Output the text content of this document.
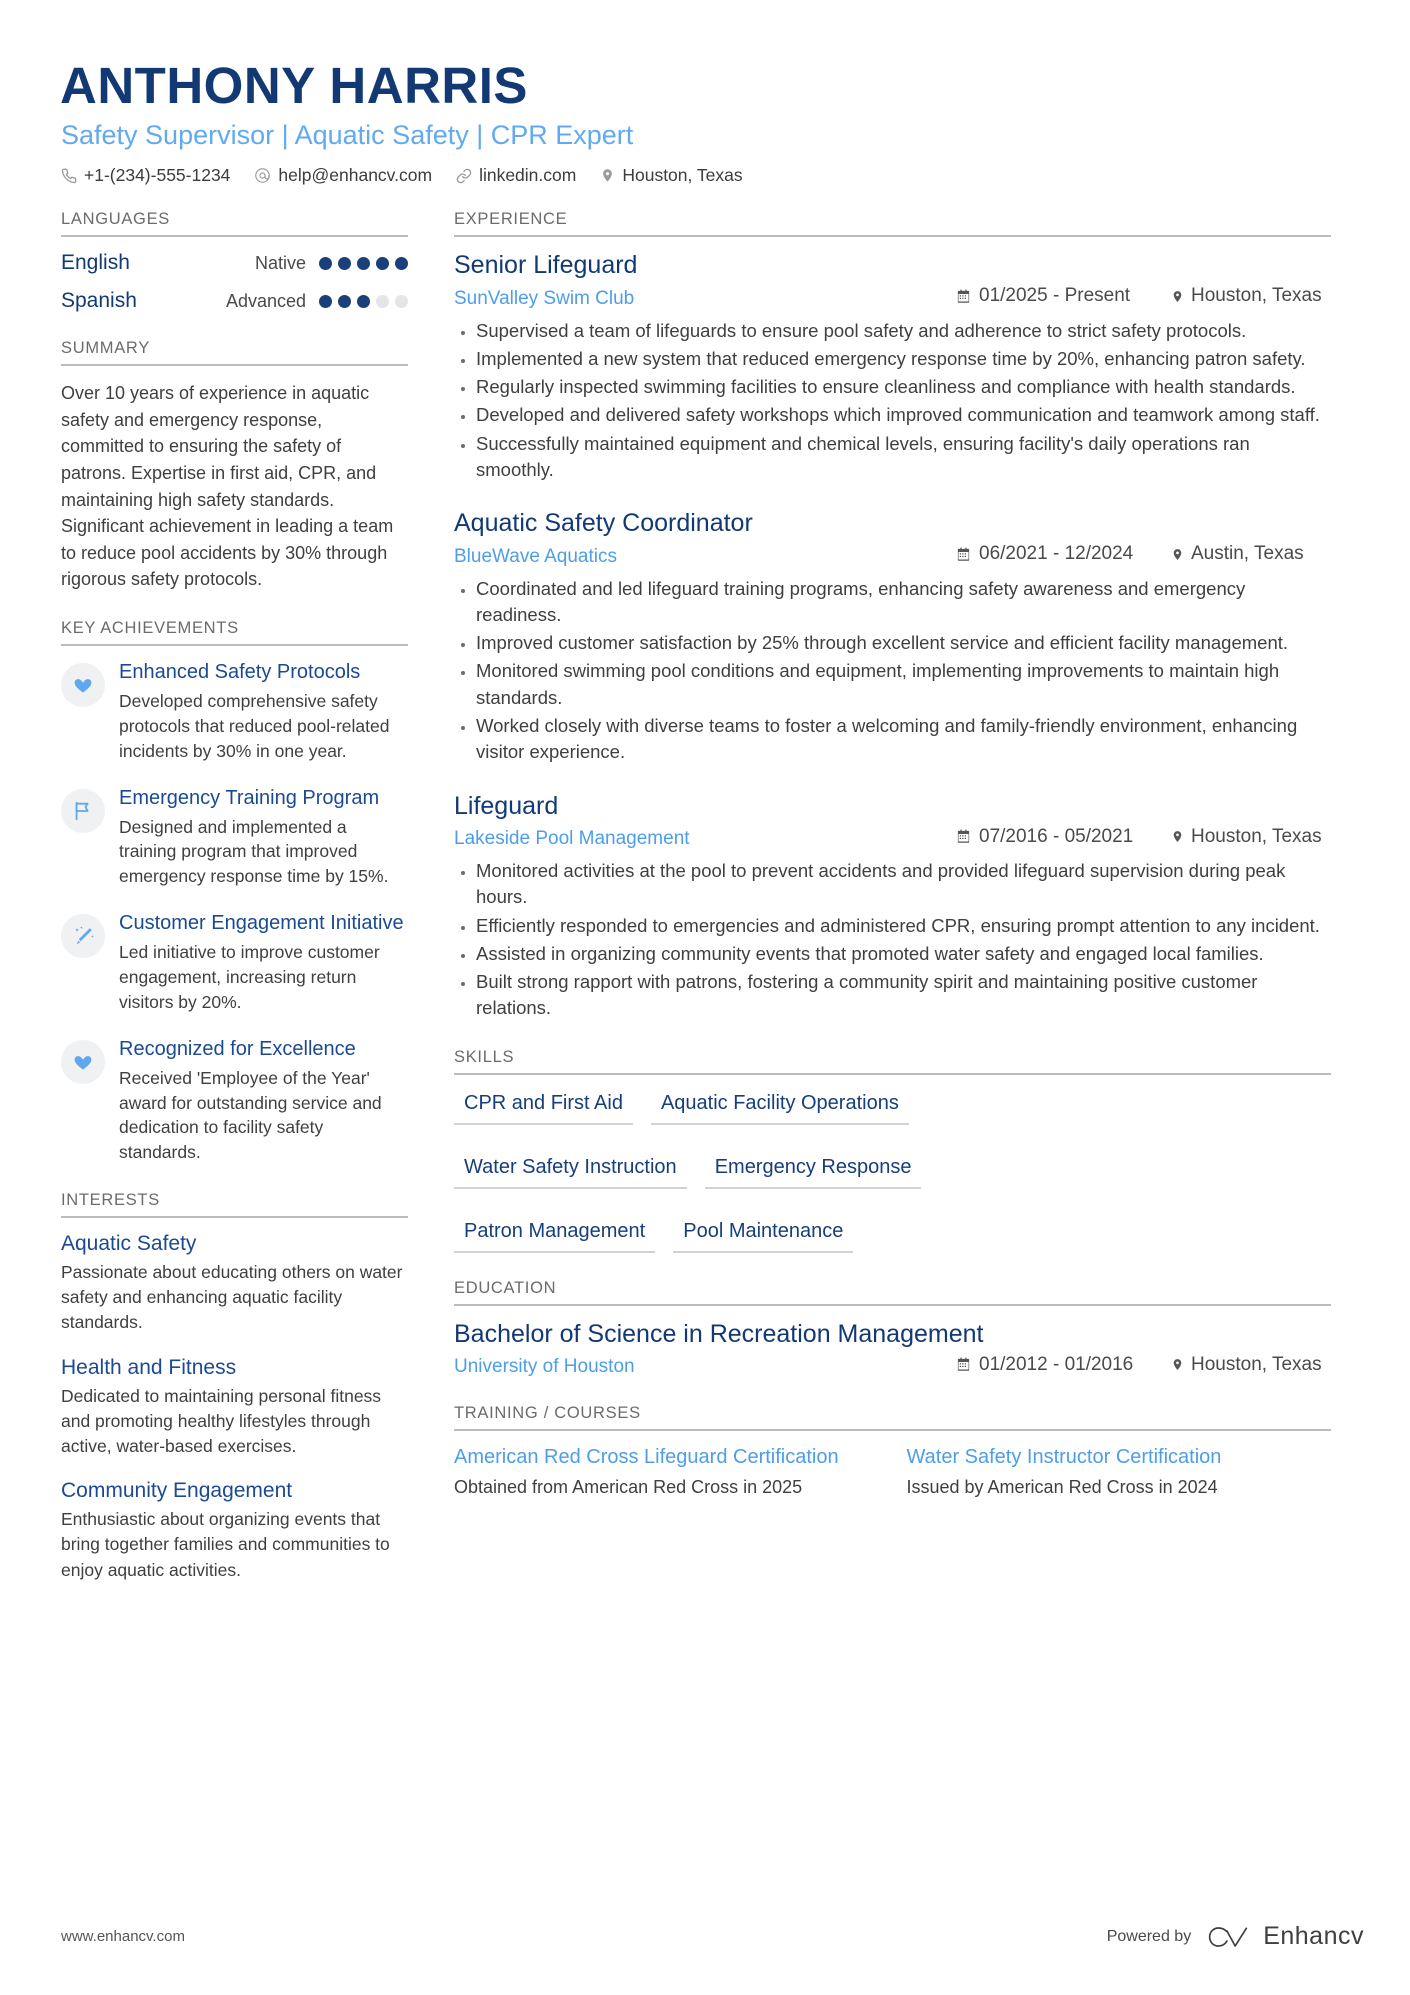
ANTHONY HARRIS
Safety Supervisor | Aquatic Safety | CPR Expert
+1-(234)-555-1234	help@enhancv.com	linkedin.com	Houston, Texas
LANGUAGES
English	Native
Spanish	Advanced
SUMMARY
Over 10 years of experience in aquatic safety and emergency response, committed to ensuring the safety of patrons. Expertise in first aid, CPR, and maintaining high safety standards. Significant achievement in leading a team to reduce pool accidents by 30% through rigorous safety protocols.
KEY ACHIEVEMENTS
Enhanced Safety Protocols
Developed comprehensive safety protocols that reduced pool-related incidents by 30% in one year.
Emergency Training Program
Designed and implemented a training program that improved emergency response time by 15%.
Customer Engagement Initiative
Led initiative to improve customer engagement, increasing return visitors by 20%.
Recognized for Excellence
Received 'Employee of the Year' award for outstanding service and dedication to facility safety standards.
INTERESTS
Aquatic Safety
Passionate about educating others on water safety and enhancing aquatic facility standards.
Health and Fitness
Dedicated to maintaining personal fitness and promoting healthy lifestyles through active, water-based exercises.
Community Engagement
Enthusiastic about organizing events that bring together families and communities to enjoy aquatic activities.
EXPERIENCE
Senior Lifeguard
SunValley Swim Club	01/2025 - Present	Houston, Texas
• Supervised a team of lifeguards to ensure pool safety and adherence to strict safety protocols.
• Implemented a new system that reduced emergency response time by 20%, enhancing patron safety.
• Regularly inspected swimming facilities to ensure cleanliness and compliance with health standards.
• Developed and delivered safety workshops which improved communication and teamwork among staff.
• Successfully maintained equipment and chemical levels, ensuring facility's daily operations ran smoothly.
Aquatic Safety Coordinator
BlueWave Aquatics	06/2021 - 12/2024	Austin, Texas
• Coordinated and led lifeguard training programs, enhancing safety awareness and emergency readiness.
• Improved customer satisfaction by 25% through excellent service and efficient facility management.
• Monitored swimming pool conditions and equipment, implementing improvements to maintain high standards.
• Worked closely with diverse teams to foster a welcoming and family-friendly environment, enhancing visitor experience.
Lifeguard
Lakeside Pool Management	07/2016 - 05/2021	Houston, Texas
• Monitored activities at the pool to prevent accidents and provided lifeguard supervision during peak hours.
• Efficiently responded to emergencies and administered CPR, ensuring prompt attention to any incident.
• Assisted in organizing community events that promoted water safety and engaged local families.
• Built strong rapport with patrons, fostering a community spirit and maintaining positive customer relations.
SKILLS
CPR and First Aid	Aquatic Facility Operations
Water Safety Instruction	Emergency Response
Patron Management	Pool Maintenance
EDUCATION
Bachelor of Science in Recreation Management
University of Houston	01/2012 - 01/2016	Houston, Texas
TRAINING / COURSES
American Red Cross Lifeguard Certification
Obtained from American Red Cross in 2025
Water Safety Instructor Certification
Issued by American Red Cross in 2024
www.enhancv.com	Powered by	Enhancv
